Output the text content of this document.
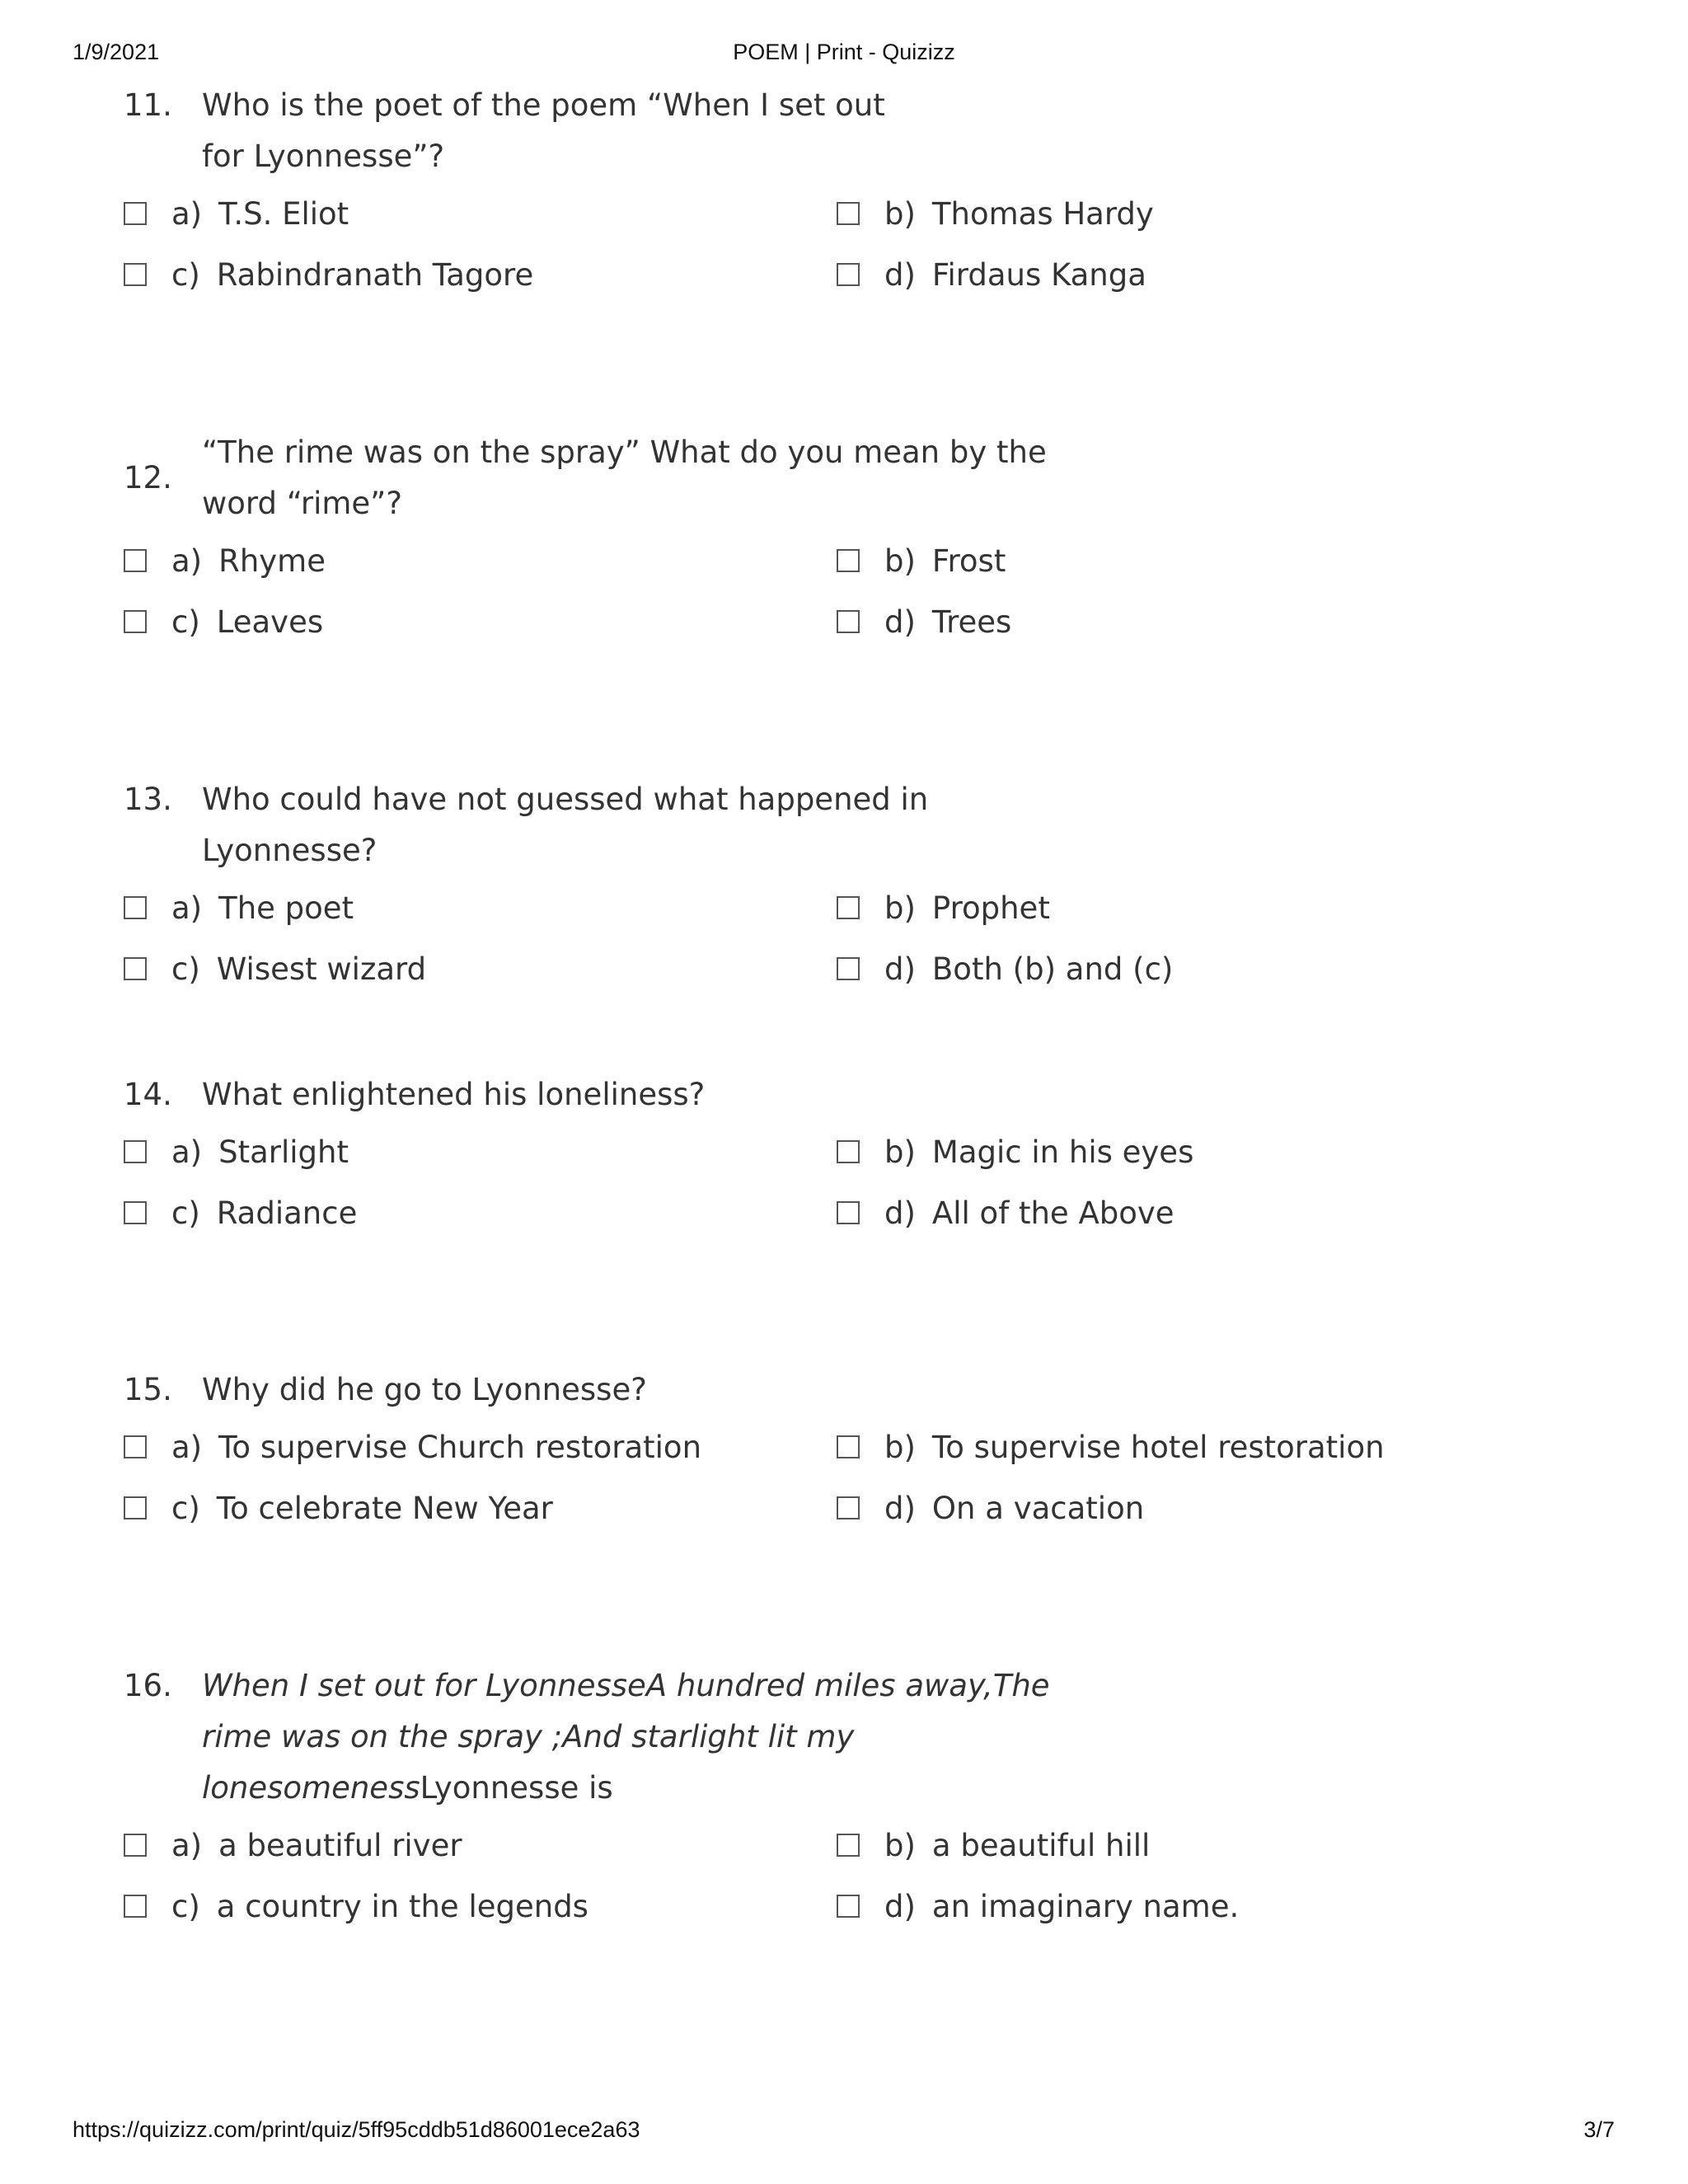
1/9/2021	POEM | Print - Quizizz
11. Who is the poet of the poem “When I set out for Lyonnesse”?
a) T.S. Eliot	b) Thomas Hardy
c) Rabindranath Tagore	d) Firdaus Kanga
12.
“The rime was on the spray” What do you mean by the word “rime”?
a) Rhyme	b) Frost
c) Leaves	d) Trees
13. Who could have not guessed what happened in Lyonnesse?
a) The poet	b) Prophet
c) Wisest wizard	d) Both (b) and (c)
14. What enlightened his loneliness?
a) Starlight	b) Magic in his eyes
c) Radiance	d) All of the Above
15. Why did he go to Lyonnesse?
a) To supervise Church restoration	b) To supervise hotel restoration
c) To celebrate New Year	d) On a vacation
16. When I set out for LyonnesseA hundred miles away,The rime was on the spray ;And starlight lit my lonesomenessLyonnesse is
a) a beautiful river	b) a beautiful hill
c) a country in the legends	d) an imaginary name.
https://quizizz.com/print/quiz/5ff95cddb51d86001ece2a63	3/7
